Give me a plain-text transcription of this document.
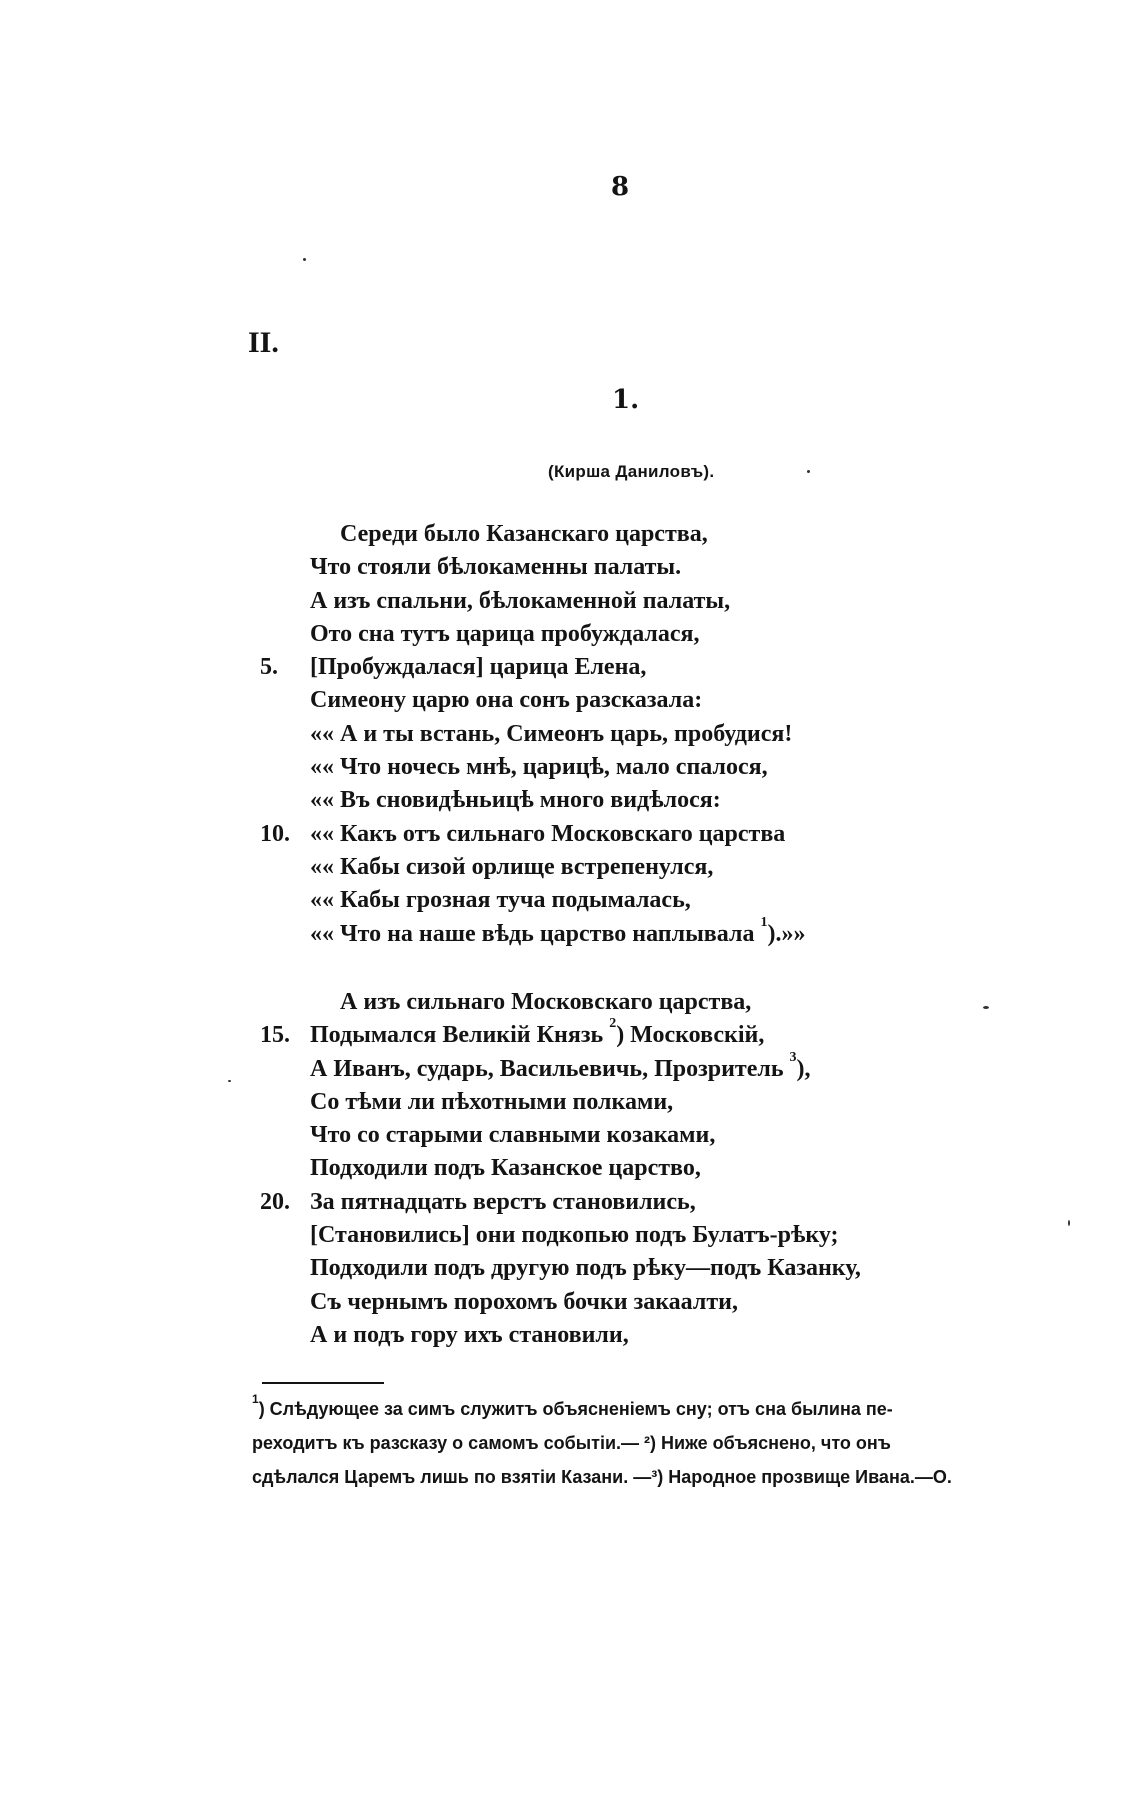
8
II.
1.
(Кирша Даниловъ).
Середи было Казанскаго царства,
Что стояли бѣлокаменны палаты.
А изъ спальни, бѣлокаменной палаты,
Ото сна тутъ царица пробуждалася,
5.	[Пробуждалася] царица Елена,
Симеону царю она сонъ разсказала:
«« А и ты встань, Симеонъ царь, пробудися!
«« Что ночесь мнѣ, царицѣ, мало спалося,
«« Въ сновидѣньицѣ много видѣлося:
10. «« Какъ отъ сильнаго Московскаго царства
«« Кабы сизой орлище встрепенулся,
«« Кабы грозная туча подымалась,
«« Что на наше вѣдь царство наплывала $^1$).»»
А изъ сильнаго Московскаго царства,
15. Подымался Великій Князь $^2$) Московскій,
А Иванъ, сударь, Васильевичь, Прозритель $^3$),
Со тѣми ли пѣхотными полками,
Что со старыми славными козаками,
Подходили подъ Казанское царство,
20. За пятнадцать верстъ становились,
[Становились] они подкопью подъ Булатъ-рѣку;
Подходили подъ другую подъ рѣку—подъ Казанку,
Съ чернымъ порохомъ бочки закаалти,
А и подъ гору ихъ становили,
$^1$) Слѣдующее за симъ служитъ объясненіемъ сну; отъ сна былина пе-
реходитъ къ разсказу о самомъ событіи.— ²) Ниже объяснено, что онъ
сдѣлался Царемъ лишь по взятіи Казани. —³) Народное прозвище Ивана.—О.
